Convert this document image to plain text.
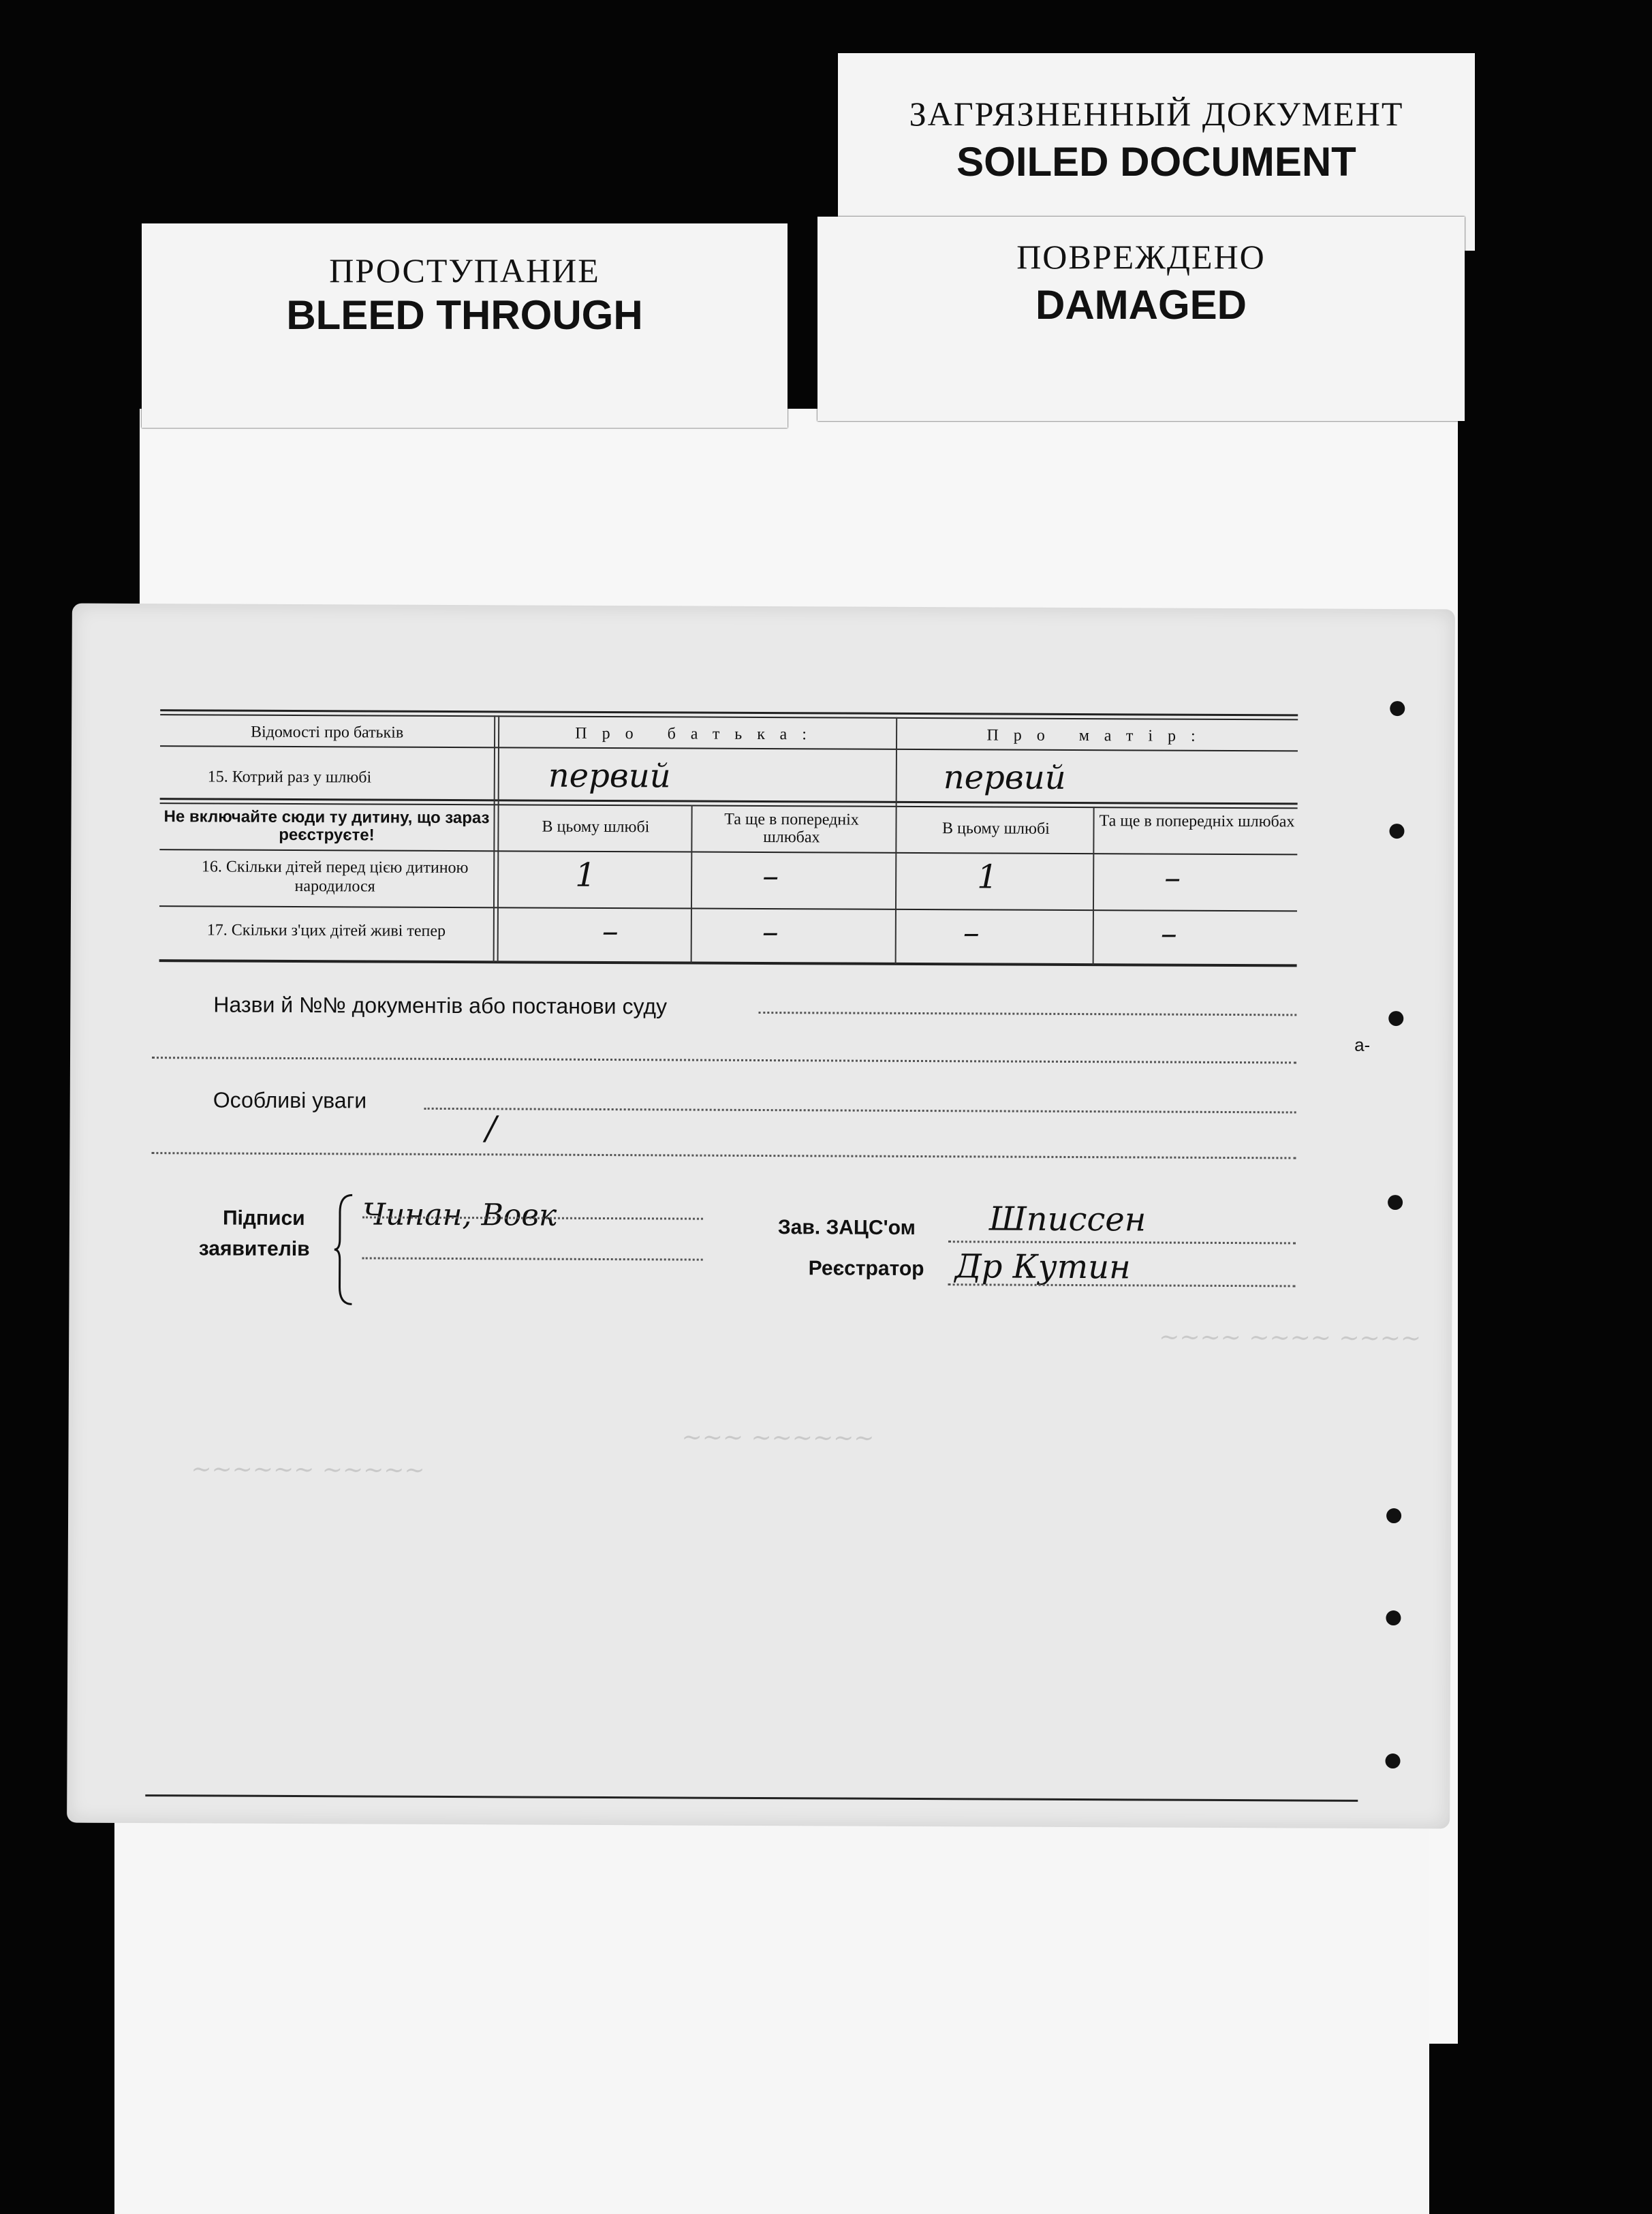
ЗАГРЯЗНЕННЫЙ ДОКУМЕНТ
SOILED DOCUMENT
ПРОСТУПАНИЕ
BLEED THROUGH
ПОВРЕЖДЕНО
DAMAGED
~~~~ ~~~~ ~~~~
~~~~~~ ~~~~~
~~~ ~~~~~~
Відомості про батьків	Про батька:	Про матір:
15. Котрий раз у шлюбі	первий	первий
Не включайте сюди ту дитину, що зараз реєструєте!	В цьому шлюбі	Та ще в попередніх шлюбах	В цьому шлюбі	Та ще в попередніх шлюбах
16. Скільки дітей перед цією дитиною народилося	1	–	1	–
17. Скільки з'цих дітей живі тепер	–	–	–	–
Назви й №№ документів або постанови суду
Особливі уваги
/
Підписи
заявителів
Чинан, Вовк	Зав. ЗАЦС'ом Шписсен
Реєстратор Др Кутин
а-
